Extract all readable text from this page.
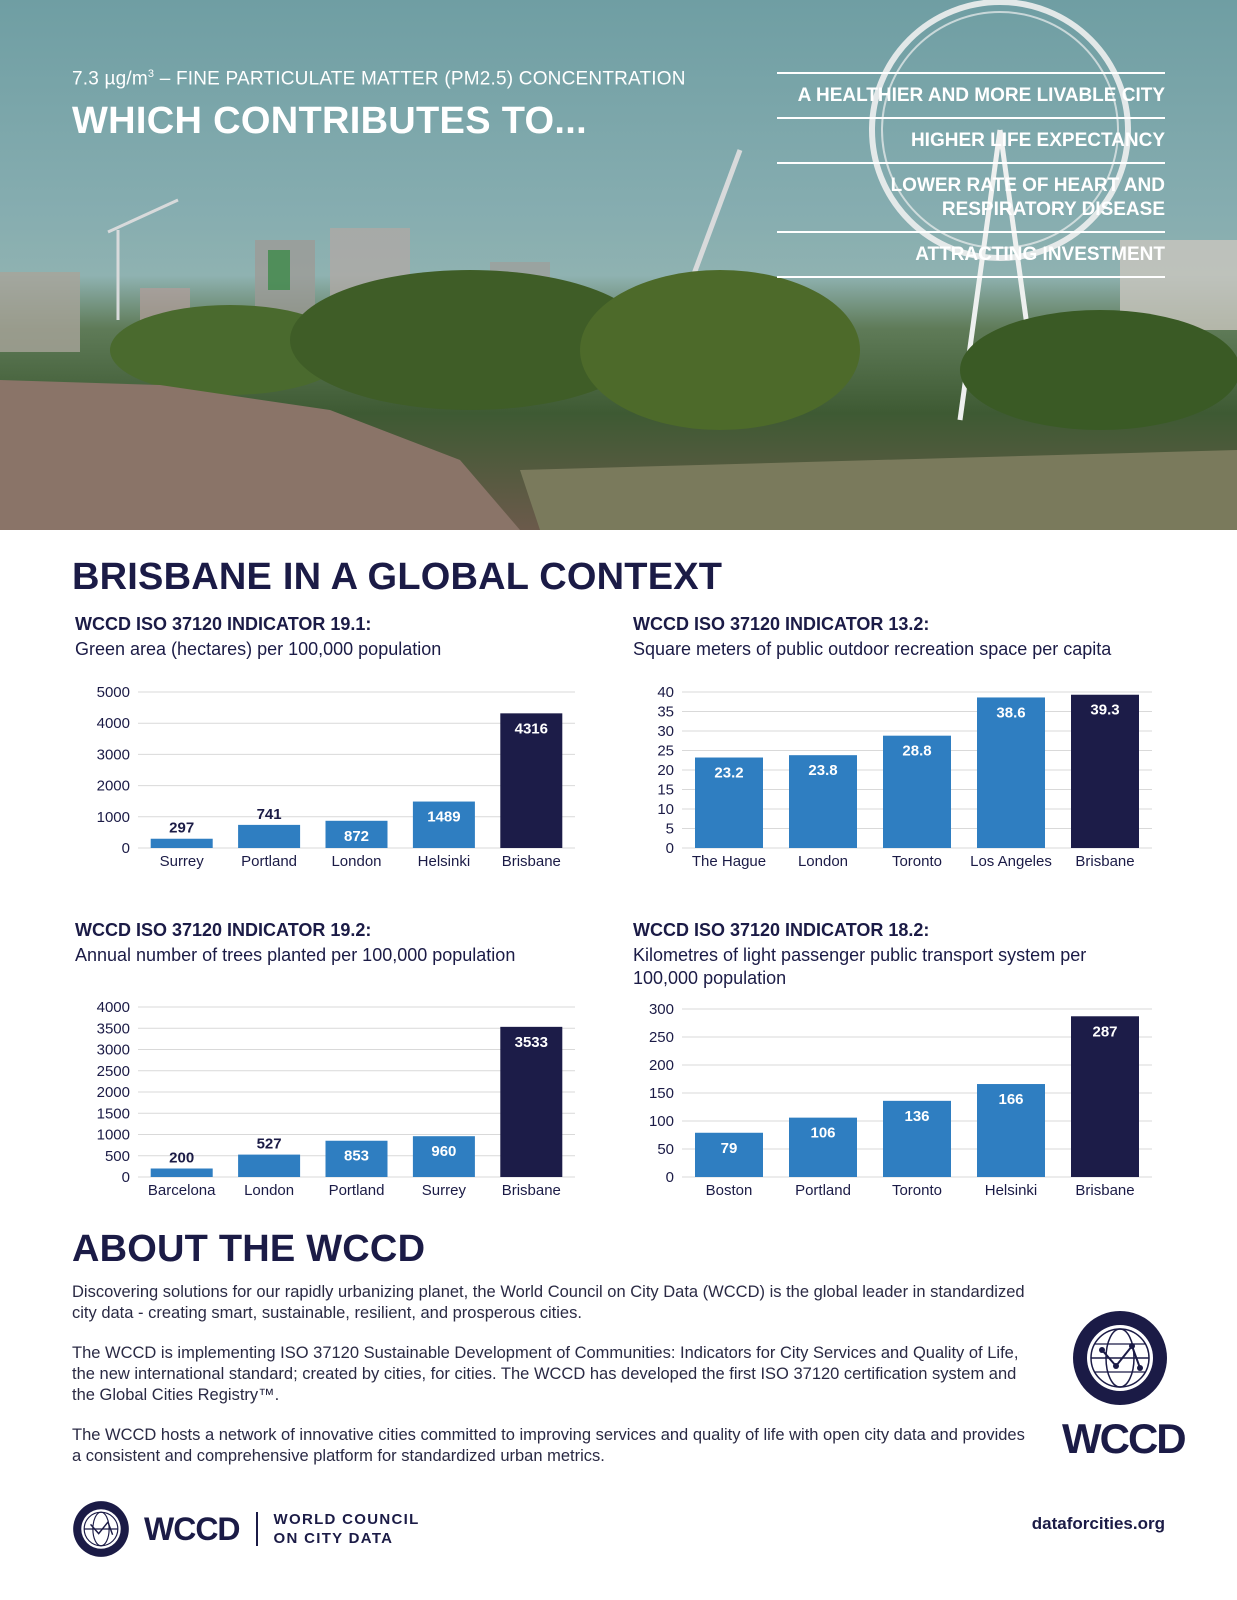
7.3 $\mu g/m^3$ – FINE PARTICULATE MATTER (PM2.5) CONCENTRATION
WHICH CONTRIBUTES TO...
A HEALTHIER AND MORE LIVABLE CITY
HIGHER LIFE EXPECTANCY
LOWER RATE OF HEART AND RESPIRATORY DISEASE
ATTRACTING INVESTMENT
BRISBANE IN A GLOBAL CONTEXT
WCCD ISO 37120 INDICATOR 19.1:
Green area (hectares) per 100,000 population
WCCD ISO 37120 INDICATOR 13.2:
Square meters of public outdoor recreation space per capita
WCCD ISO 37120 INDICATOR 19.2:
Annual number of trees planted per 100,000 population
WCCD ISO 37120 INDICATOR 18.2:
Kilometres of light passenger public transport system per 100,000 population
0
1000
2000
3000
4000
5000
297
Surrey
741
Portland
872
London
1489
Helsinki
4316
Brisbane
0
5
10
15
20
25
30
35
40
23.2
The Hague
23.8
London
28.8
Toronto
38.6
Los Angeles
39.3
Brisbane
0
500
1000
1500
2000
2500
3000
3500
4000
200
Barcelona
527
London
853
Portland
960
Surrey
3533
Brisbane
0
50
100
150
200
250
300
79
Boston
106
Portland
136
Toronto
166
Helsinki
287
Brisbane
ABOUT THE WCCD

Discovering solutions for our rapidly urbanizing planet, the World Council on City Data (WCCD) is the global leader in standardized city data - creating smart, sustainable, resilient, and prosperous cities.

The WCCD is implementing ISO 37120 Sustainable Development of Communities: Indicators for City Services and Quality of Life, the new international standard; created by cities, for cities. The WCCD has developed the first ISO 37120 certification system and the Global Cities Registry™.

The WCCD hosts a network of innovative cities committed to improving services and quality of life with open city data and provides a consistent and comprehensive platform for standardized urban metrics.	WCCD
WCCD WORLD COUNCIL
ON CITY DATA
dataforcities.org
